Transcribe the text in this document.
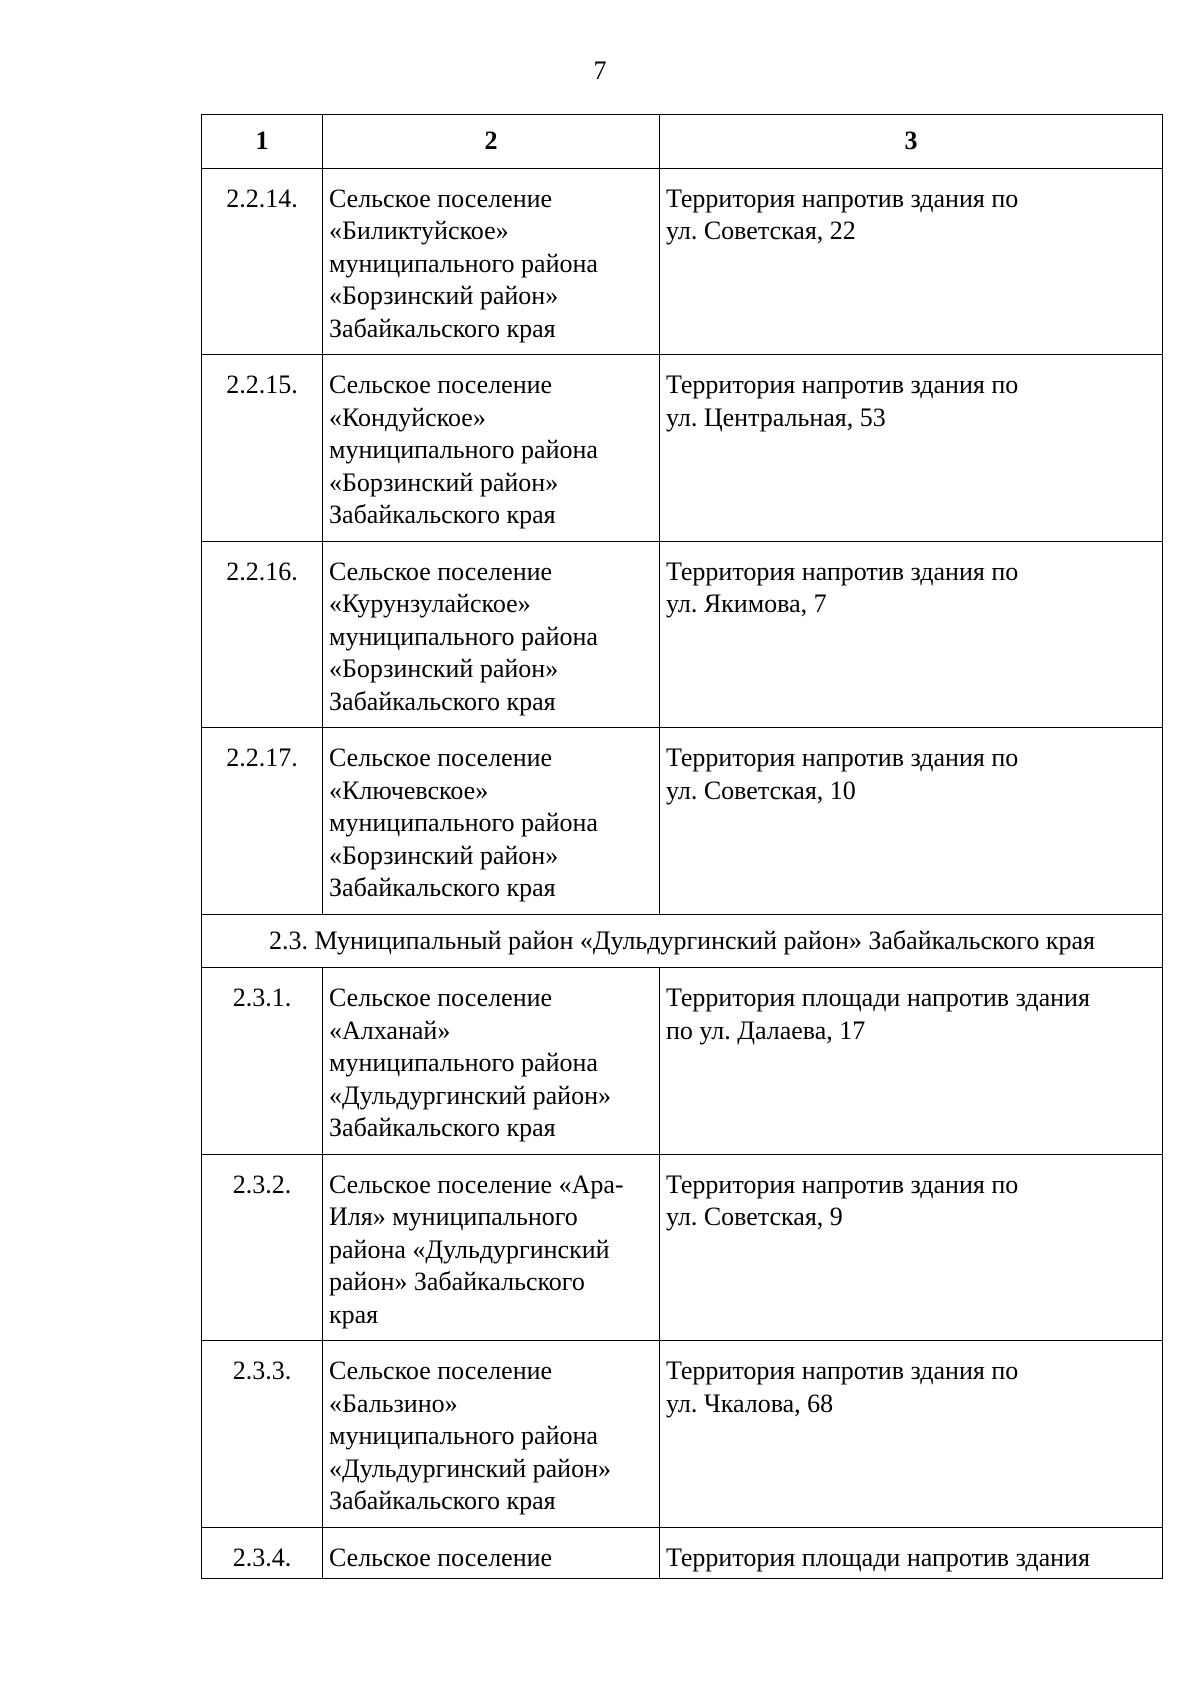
7
1	2	3
2.2.14.	Сельское поселение
«Биликтуйское»
муниципального района
«Борзинский район»
Забайкальского края	Территория напротив здания по
ул. Советская, 22

2.2.15.	Сельское поселение
«Кондуйское»
муниципального района
«Борзинский район»
Забайкальского края	Территория напротив здания по
ул. Центральная, 53

2.2.16.	Сельское поселение
«Курунзулайское»
муниципального района
«Борзинский район»
Забайкальского края	Территория напротив здания по
ул. Якимова, 7

2.2.17.	Сельское поселение
«Ключевское»
муниципального района
«Борзинский район»
Забайкальского края	Территория напротив здания по
ул. Советская, 10

2.3. Муниципальный район «Дульдургинский район» Забайкальского края		
2.3.1.	Сельское поселение
«Алханай»
муниципального района
«Дульдургинский район»
Забайкальского края	Территория площади напротив здания
по ул. Далаева, 17

2.3.2.	Сельское поселение «Ара-
Иля» муниципального
района «Дульдургинский
район» Забайкальского
края	Территория напротив здания по
ул. Советская, 9

2.3.3.	Сельское поселение
«Бальзино»
муниципального района
«Дульдургинский район»
Забайкальского края	Территория напротив здания по
ул. Чкалова, 68

2.3.4.	Сельское поселение	Территория площади напротив здания
